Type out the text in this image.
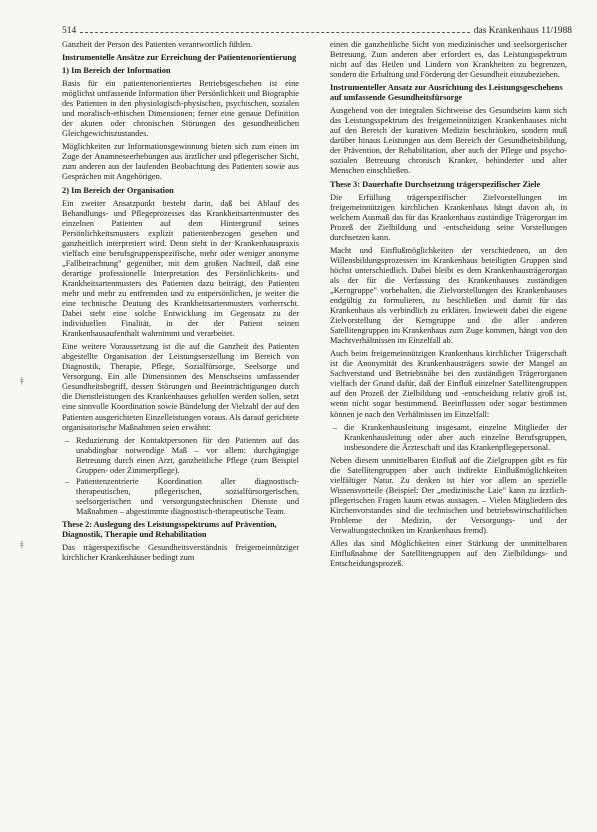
514	das Krankenhaus 11/1988
ǂ
ǂ

Ganzheit der Person des Patienten verantwortlich fühlen.

Instrumentelle Ansätze zur Erreichung der Patientenorientierung
1) Im Bereich der Information

Basis für ein patientenorientiertes Betriebsgeschehen ist eine möglichst umfassende Information über Persönlichkeit und Biographie des Patienten in den physiologisch-physischen, psychischen, sozialen und moralisch-ethischen Dimensionen; ferner eine genaue Definition der akuten oder chronischen Störungen des gesundheitlichen Gleichgewichtszustandes.

Möglichkeiten zur Informationsgewinnung bieten sich zum einen im Zuge der Anamneseerhebungen aus ärztlicher und pflegerischer Sicht, zum anderen aus der laufenden Beobachtung des Patienten sowie aus Gesprächen mit Angehörigen.

2) Im Bereich der Organisation

Ein zweiter Ansatzpunkt besteht darin, daß bei Ablauf des Behandlungs- und Pflegeprozesses das Krankheitsartenmuster des einzelnen Patienten auf dem Hintergrund seines Persönlichkeitsmusters explizit patientenbezogen gesehen und ganzheitlich interpretiert wird. Denn steht in der Krankenhauspraxis vielfach eine berufsgruppenspezifische, mehr oder weniger anonyme „Fallbetrachtung" gegenüber, mit dem großen Nachteil, daß eine derartige professionelle Interpretation des Persönlichkeits- und Krankheitsartenmusters des Patienten dazu beiträgt, den Patienten mehr und mehr zu entfremden und zu entpersönlichen, je weiter die eine technische Deutung des Krankheitsartenmusters vorherrscht. Dabei steht eine solche Entwicklung im Gegensatz zu der individuellen Finalität, in der der Patient seinen Krankenhausaufenthalt wahrnimmt und verarbeitet.

Eine weitere Voraussetzung ist die auf die Ganzheit des Patienten abgestellte Organisation der Leistungserstellung im Bereich von Diagnostik, Therapie, Pflege, Sozialfürsorge, Seelsorge und Versorgung. Ein alle Dimensionen des Menschseins umfassender Gesundheitsbegriff, dessen Störungen und Beeinträchtigungen durch die Dienstleistungen des Krankenhauses geholfen werden sollen, setzt eine sinnvolle Koordination sowie Bündelung der Vielzahl der auf den Patienten ausgerichteten Einzelleistungen voraus. Als darauf gerichtete organisatorische Maßnahmen seien erwähnt:

– Reduzierung der Kontaktpersonen für den Patienten auf das unabdingbar notwendige Maß – vor allem: durchgängige Betreuung durch einen Arzt, ganzheitliche Pflege (zum Beispiel Gruppen- oder Zimmerpflege).
– Patientenzentrierte Koordination aller diagnostisch-therapeutischen, pflegerischen, sozialfürsorgerischen, seelsorgerischen und versorgungstechnischen Dienste und Maßnahmen – abgestimmte diagnostisch-therapeutische Team.
These 2: Auslegung des Leistungsspektrums auf Prävention, Diagnostik, Therapie und Rehabilitation

Das trägerspezifische Gesundheitsverständnis freigemeinnütziger kirchlicher Krankenhäuser bedingt zum

einen die ganzheitliche Sicht von medizinischer und seelsorgerischer Betreuung. Zum anderen aber erfordert es, das Leistungsspektrum nicht auf das Heilen und Lindern von Krankheiten zu begrenzen, sondern die Erhaltung und Förderung der Gesundheit einzubeziehen.

Instrumenteller Ansatz zur Ausrichtung des Leistungsgeschehens auf umfassende Gesundheitsfürsorge

Ausgehend von der integralen Sichtweise des Gesundseins kann sich das Leistungsspektrum des freigemeinnützigen Krankenhauses nicht auf den Bereich der kurativen Medizin beschränken, sondern muß darüber hinaus Leistungen aus dem Bereich der Gesundheitsbildung, der Prävention, der Rehabilitation, aber auch der Pflege und psycho-sozialen Betreuung chronisch Kranker, behinderter und alter Menschen einschließen.

These 3: Dauerhafte Durchsetzung trägerspezifischer Ziele

Die Erfüllung trägerspezifischer Zielvorstellungen im freigemeinnützigen kirchlichen Krankenhaus hängt davon ab, in welchem Ausmaß das für das Krankenhaus zuständige Trägerorgan im Prozeß der Zielbildung und -entscheidung seine Vorstellungen durchsetzen kann.

Macht und Einflußmöglichkeiten der verschiedenen, an den Willensbildungsprozessen im Krankenhaus beteiligten Gruppen sind höchst unterschiedlich. Dabei bleibt es dem Krankenhausträgerorgan als der für die Verfassung des Krankenhauses zuständigen „Kerngruppe" vorbehalten, die Zielvorstellungen des Krankenhauses endgültig zu formulieren, zu beschließen und damit für das Krankenhaus als verbindlich zu erklären. Inwieweit dabei die eigene Zielvorstellung der Kerngruppe und die aller anderen Satellitengruppen im Krankenhaus zum Zuge kommen, hängt von den Machtverhältnissen im Einzelfall ab.

Auch beim freigemeinnützigen Krankenhaus kirchlicher Trägerschaft ist die Anonymität des Krankenhausträgers sowie der Mangel an Sachverstand und Betriebsnähe bei den zuständigen Trägerorganen vielfach der Grund dafür, daß der Einfluß einzelner Satellitengruppen auf den Prozeß der Zielbildung und -entscheidung relativ groß ist, wenn nicht sogar bestimmend. Beeinflussen oder sogar bestimmen können je nach den Verhältnissen im Einzelfall:

– die Krankenhausleitung insgesamt, einzelne Mitglieder der Krankenhausleitung oder aber auch einzelne Berufsgruppen, insbesondere die Ärzteschaft und das Krankenpflegepersonal.

Neben diesem unmittelbaren Einfluß auf die Zielgruppen gibt es für die Satellitengruppen aber auch indirekte Einflußmöglichkeiten vielfältiger Natur. Zu denken ist hier vor allem an spezielle Wissensvorteile (Beispiel: Der „medizinische Laie" kann zu ärztlich-pflegerischen Fragen kaum etwas aussagen. – Vielen Mitgliedern des Kirchenvorstandes sind die technischen und betriebswirtschaftlichen Probleme der Medizin, der Versorgungs- und der Verwaltungstechniken im Krankenhaus fremd).

Alles das sind Möglichkeiten einer Stärkung der unmittelbaren Einflußnahme der Satellitengruppen auf den Zielbildungs- und Entscheidungsprozeß.
